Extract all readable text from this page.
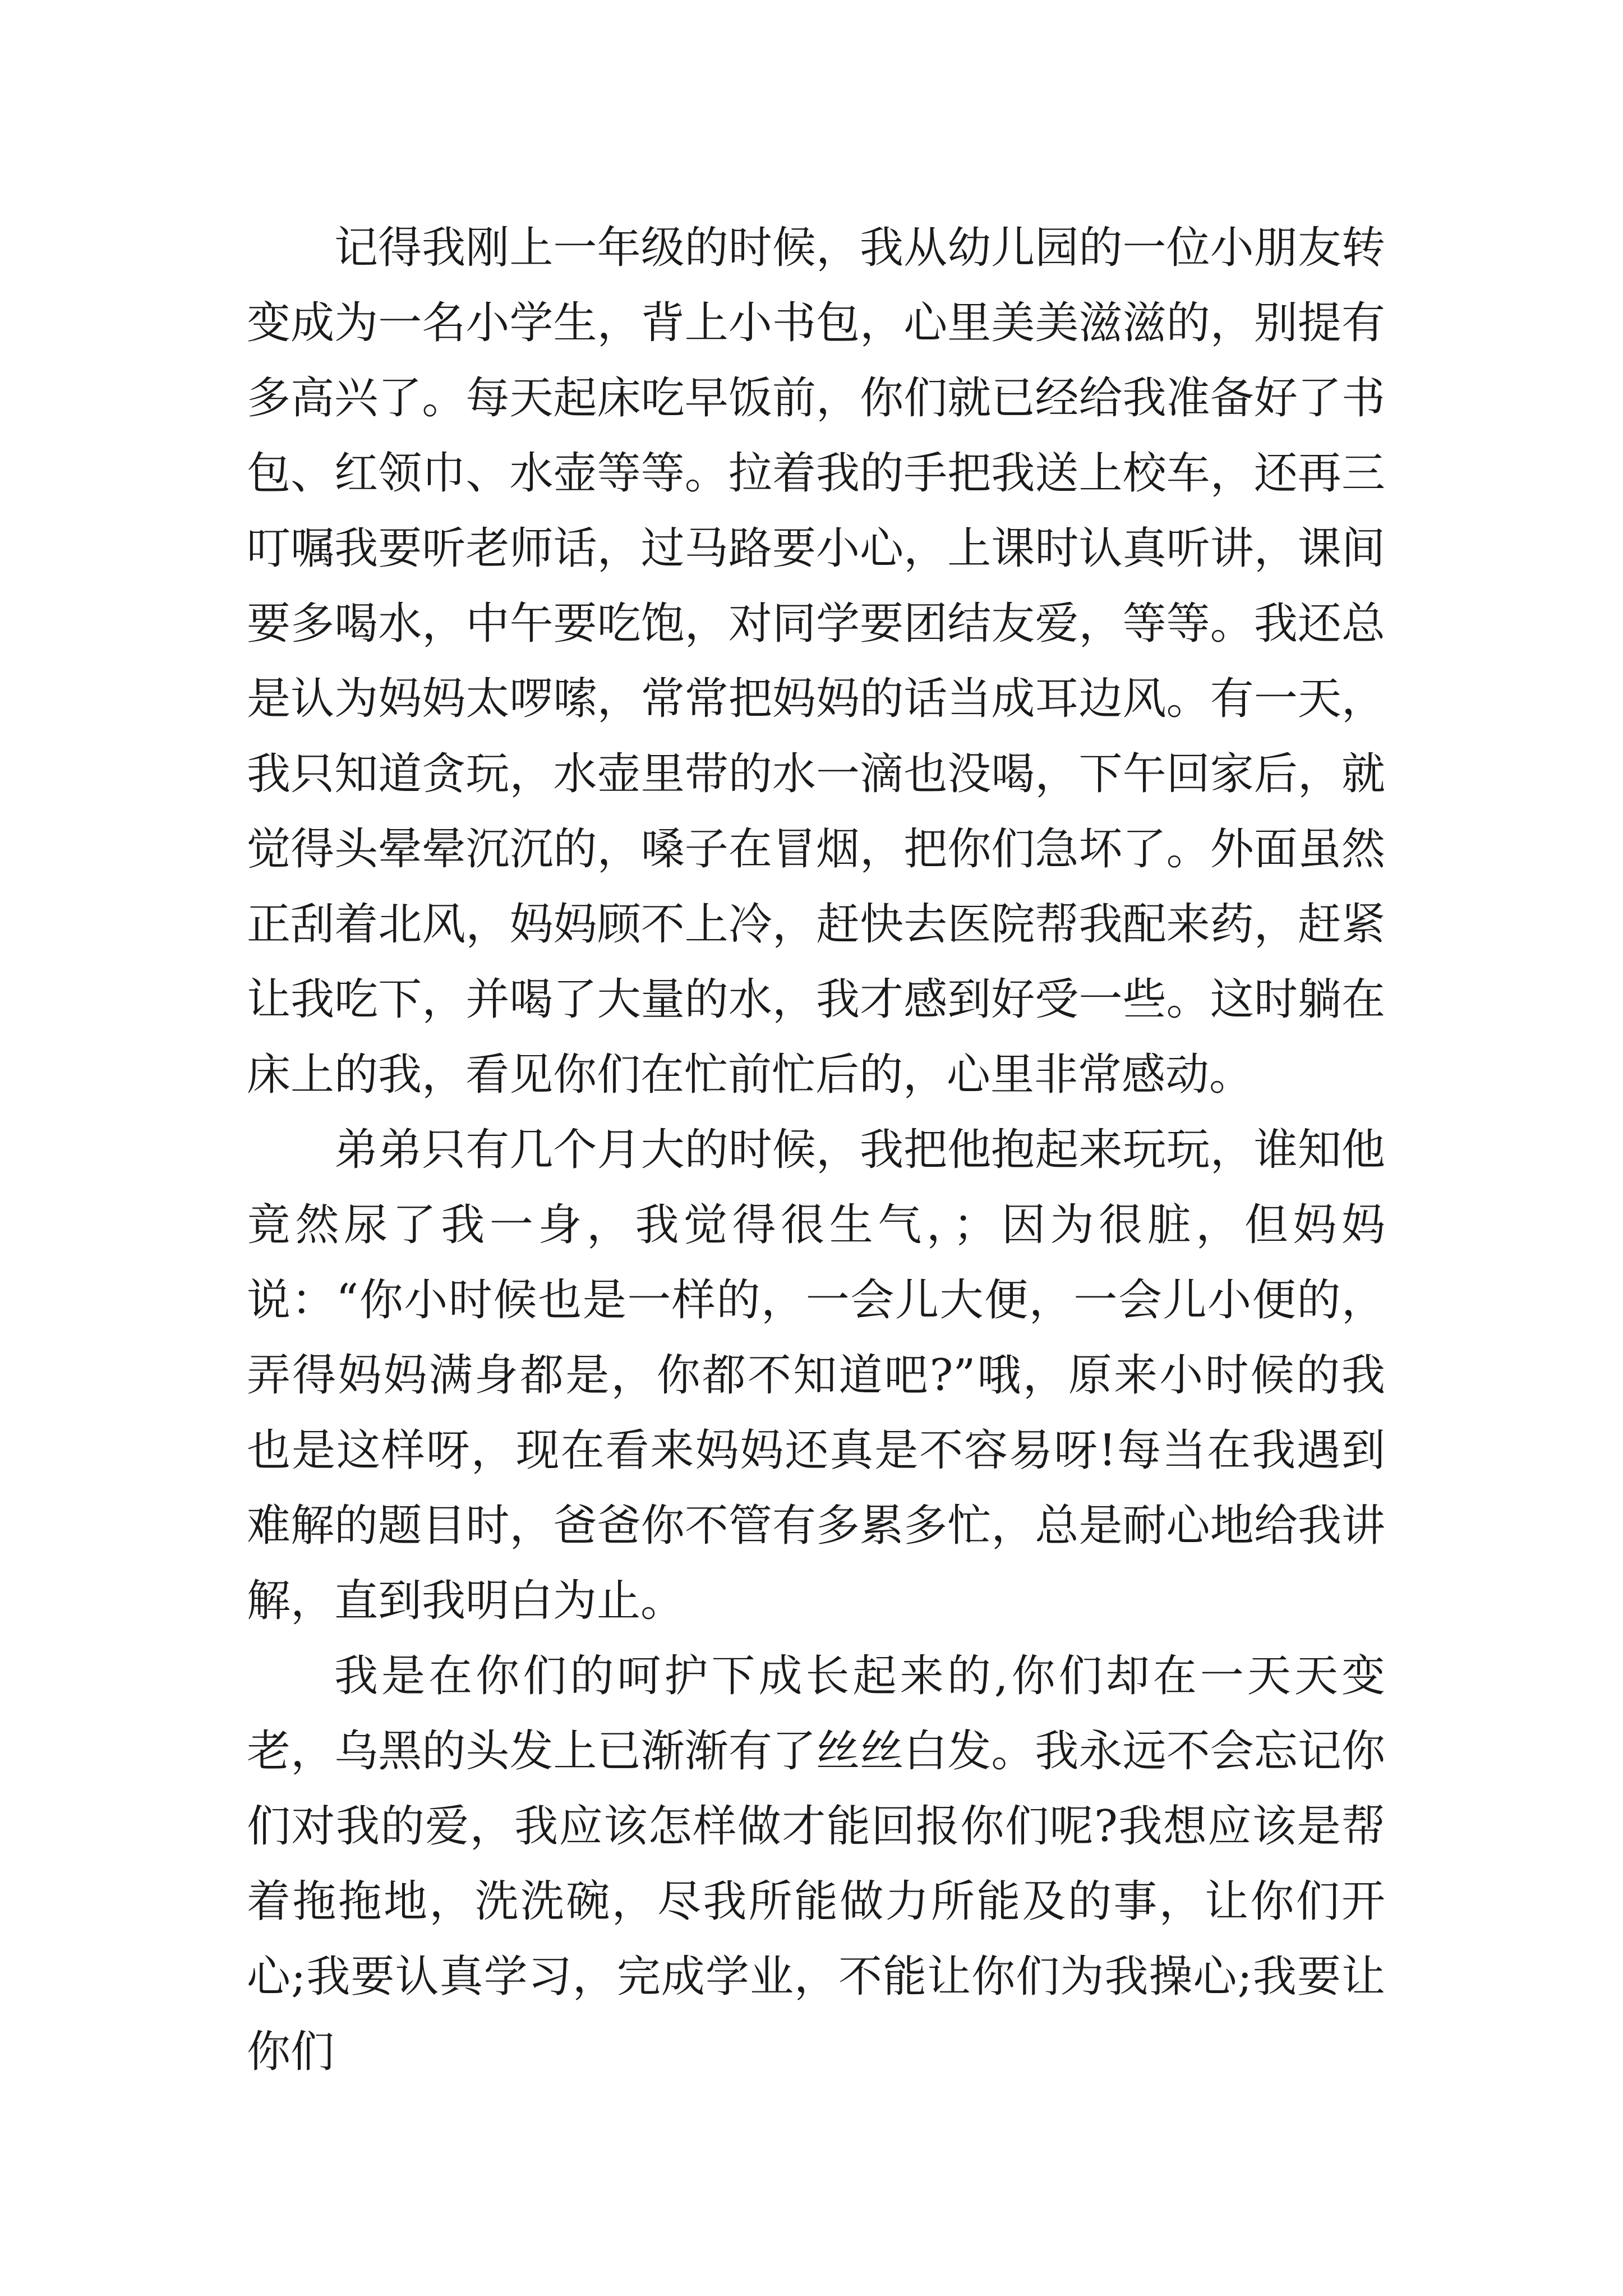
记得我刚上一年级的时候，我从幼儿园的一位小朋友转变成为一名小学生，背上小书包，心里美美滋滋的，别提有多高兴了。每天起床吃早饭前，你们就已经给我准备好了书包、红领巾、水壶等等。拉着我的手把我送上校车，还再三叮嘱我要听老师话，过马路要小心，上课时认真听讲，课间要多喝水，中午要吃饱，对同学要团结友爱，等等。我还总是认为妈妈太啰嗦，常常把妈妈的话当成耳边风。有一天，我只知道贪玩，水壶里带的水一滴也没喝，下午回家后，就觉得头晕晕沉沉的，嗓子在冒烟，把你们急坏了。外面虽然正刮着北风，妈妈顾不上冷，赶快去医院帮我配来药，赶紧让我吃下，并喝了大量的水，我才感到好受一些。这时躺在床上的我，看见你们在忙前忙后的，心里非常感动。

弟弟只有几个月大的时候，我把他抱起来玩玩，谁知他竟然尿了我一身，我觉得很生气，；因为很脏，但妈妈说：“你小时候也是一样的，一会儿大便，一会儿小便的，弄得妈妈满身都是，你都不知道吧?”哦，原来小时候的我也是这样呀，现在看来妈妈还真是不容易呀!每当在我遇到难解的题目时，爸爸你不管有多累多忙，总是耐心地给我讲解，直到我明白为止。

我是在你们的呵护下成长起来的,你们却在一天天变老，乌黑的头发上已渐渐有了丝丝白发。我永远不会忘记你们对我的爱，我应该怎样做才能回报你们呢?我想应该是帮着拖拖地，洗洗碗，尽我所能做力所能及的事，让你们开心;我要认真学习，完成学业，不能让你们为我操心;我要让你们
